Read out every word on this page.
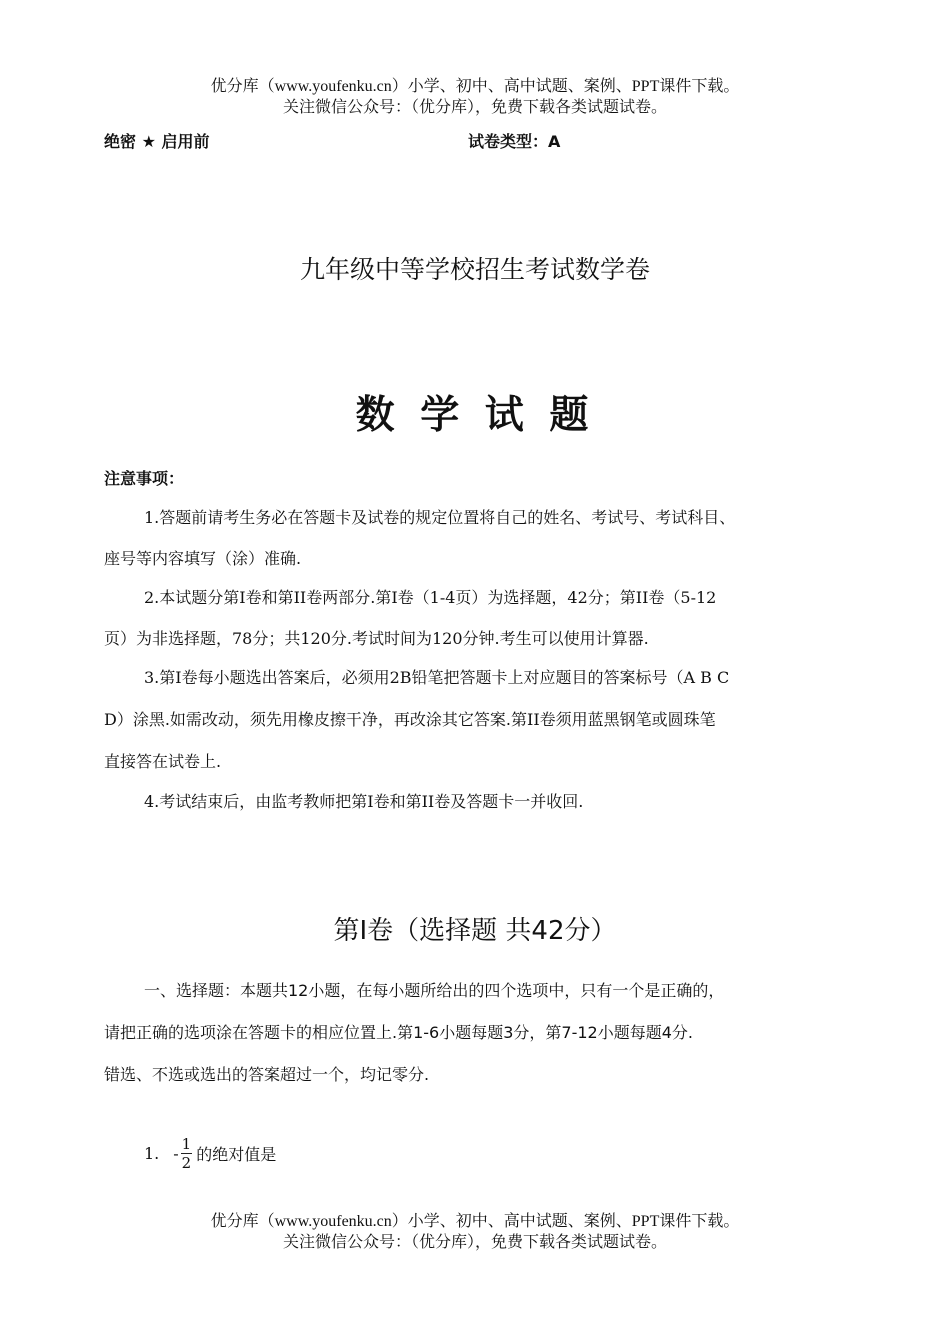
优分库（www.youfenku.cn）小学、初中、高中试题、案例、PPT课件下载。
关注微信公众号：（优分库），免费下载各类试题试卷。
绝密 ★ 启用前	试卷类型：A
九年级中等学校招生考试数学卷
数 学 试 题
注意事项：
1.答题前请考生务必在答题卡及试卷的规定位置将自己的姓名、考试号、考试科目、
座号等内容填写（涂）准确.
2.本试题分第I卷和第II卷两部分.第I卷（1-4页）为选择题，42分；第II卷（5-12
页）为非选择题，78分；共120分.考试时间为120分钟.考生可以使用计算器.
3.第I卷每小题选出答案后，必须用2B铅笔把答题卡上对应题目的答案标号（A B C
D）涂黑.如需改动，须先用橡皮擦干净，再改涂其它答案.第II卷须用蓝黑钢笔或圆珠笔
直接答在试卷上.
4.考试结束后，由监考教师把第I卷和第II卷及答题卡一并收回.
第I卷（选择题 共42分）
一、选择题：本题共12小题，在每小题所给出的四个选项中，只有一个是正确的，
请把正确的选项涂在答题卡的相应位置上.第1-6小题每题3分，第7-12小题每题4分.
错选、不选或选出的答案超过一个，均记零分.
1. - $\frac{1}{2}$ 的绝对值是
优分库（www.youfenku.cn）小学、初中、高中试题、案例、PPT课件下载。
关注微信公众号：（优分库），免费下载各类试题试卷。
